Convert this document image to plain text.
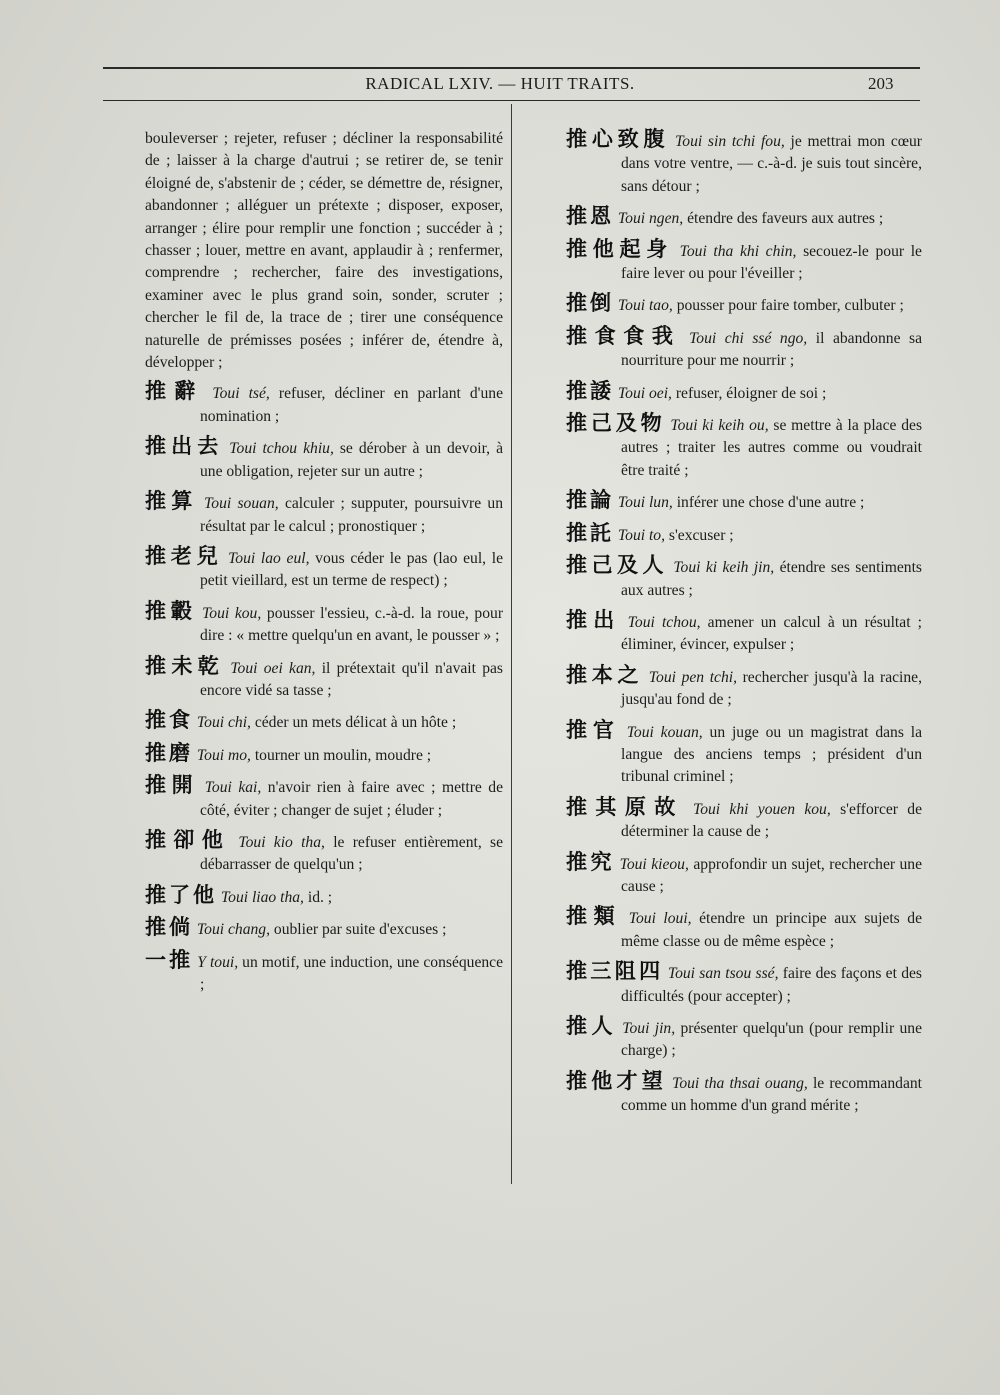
RADICAL LXIV. — HUIT TRAITS.	203

bouleverser ; rejeter, refuser ; décliner la responsabilité de ; laisser à la charge d'autrui ; se retirer de, se tenir éloigné de, s'abstenir de ; céder, se démettre de, résigner, abandonner ; alléguer un prétexte ; disposer, exposer, arranger ; élire pour remplir une fonction ; succéder à ; chasser ; louer, mettre en avant, applaudir à ; renfermer, comprendre ; rechercher, faire des investigations, examiner avec le plus grand soin, sonder, scruter ; chercher le fil de, la trace de ; tirer une conséquence naturelle de prémisses posées ; inférer de, étendre à, développer ;

推辭 Toui tsé, refuser, décliner en parlant d'une nomination ;

推出去 Toui tchou khiu, se dérober à un devoir, à une obligation, rejeter sur un autre ;

推算 Toui souan, calculer ; supputer, poursuivre un résultat par le calcul ; pronostiquer ;

推老兒 Toui lao eul, vous céder le pas (lao eul, le petit vieillard, est un terme de respect) ;

推轂 Toui kou, pousser l'essieu, c.-à-d. la roue, pour dire : « mettre quelqu'un en avant, le pousser » ;

推未乾 Toui oei kan, il prétextait qu'il n'avait pas encore vidé sa tasse ;

推食 Toui chi, céder un mets délicat à un hôte ;

推磨 Toui mo, tourner un moulin, moudre ;

推開 Toui kai, n'avoir rien à faire avec ; mettre de côté, éviter ; changer de sujet ; éluder ;

推卻他 Toui kio tha, le refuser entièrement, se débarrasser de quelqu'un ;

推了他 Toui liao tha, id. ;

推倘 Toui chang, oublier par suite d'excuses ;

一推 Y toui, un motif, une induction, une conséquence ;

推心致腹 Toui sin tchi fou, je mettrai mon cœur dans votre ventre, — c.-à-d. je suis tout sincère, sans détour ;

推恩 Toui ngen, étendre des faveurs aux autres ;

推他起身 Toui tha khi chin, secouez-le pour le faire lever ou pour l'éveiller ;

推倒 Toui tao, pousser pour faire tomber, culbuter ;

推食食我 Toui chi ssé ngo, il abandonne sa nourriture pour me nourrir ;

推諉 Toui oei, refuser, éloigner de soi ;

推己及物 Toui ki keih ou, se mettre à la place des autres ; traiter les autres comme ou voudrait être traité ;

推論 Toui lun, inférer une chose d'une autre ;

推託 Toui to, s'excuser ;

推己及人 Toui ki keih jin, étendre ses sentiments aux autres ;

推出 Toui tchou, amener un calcul à un résultat ; éliminer, évincer, expulser ;

推本之 Toui pen tchi, rechercher jusqu'à la racine, jusqu'au fond de ;

推官 Toui kouan, un juge ou un magistrat dans la langue des anciens temps ; président d'un tribunal criminel ;

推其原故 Toui khi youen kou, s'efforcer de déterminer la cause de ;

推究 Toui kieou, approfondir un sujet, rechercher une cause ;

推類 Toui loui, étendre un principe aux sujets de même classe ou de même espèce ;

推三阻四 Toui san tsou ssé, faire des façons et des difficultés (pour accepter) ;

推人 Toui jin, présenter quelqu'un (pour remplir une charge) ;

推他才望 Toui tha thsai ouang, le recommandant comme un homme d'un grand mérite ;
